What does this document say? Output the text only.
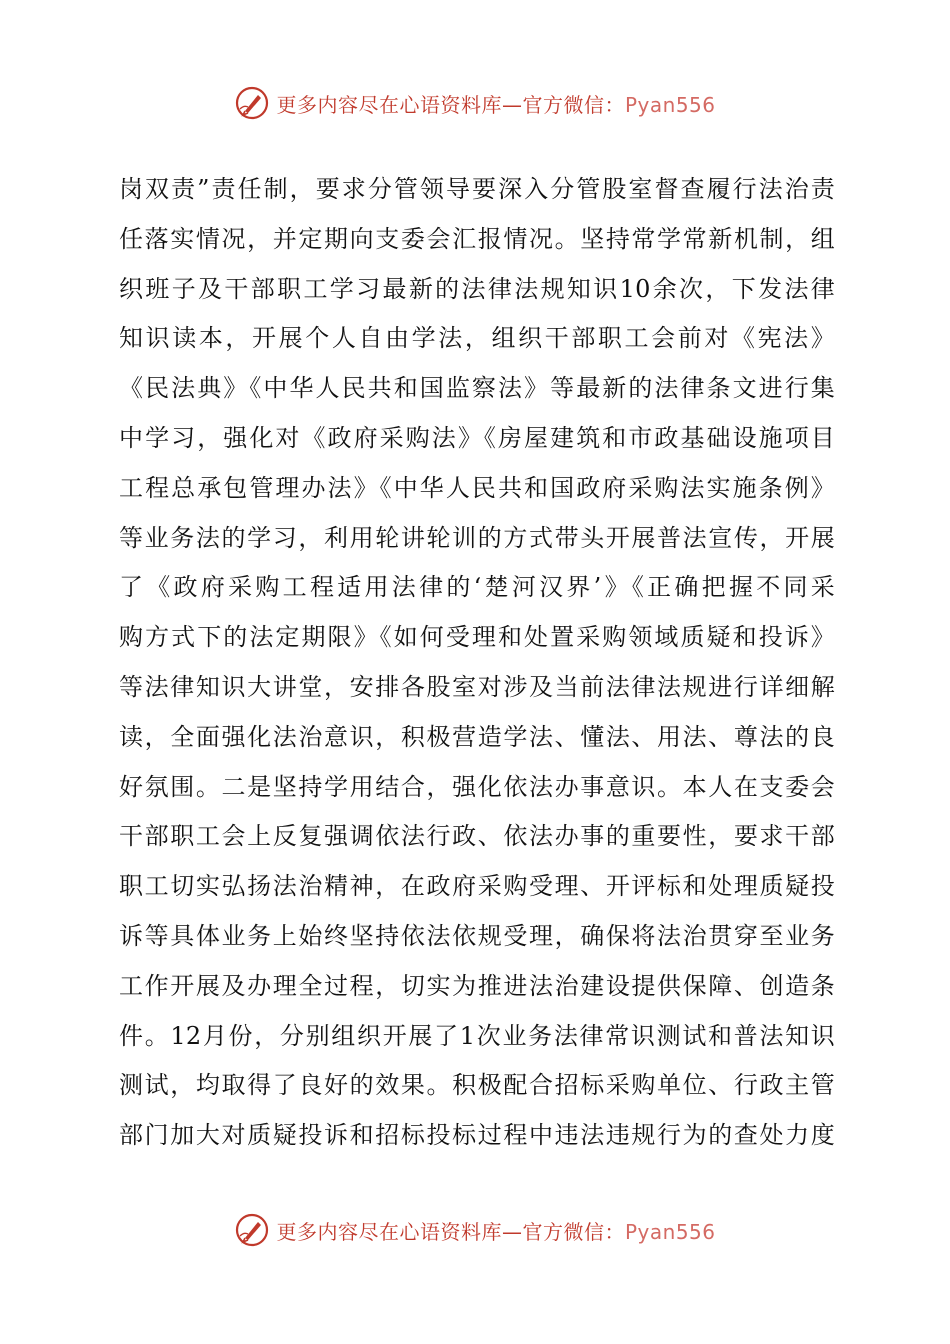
更多内容尽在心语资料库—官方微信：Pyan556
岗双责”责任制，要求分管领导要深入分管股室督查履行法治责
任落实情况，并定期向支委会汇报情况。坚持常学常新机制，组
织班子及干部职工学习最新的法律法规知识10余次，下发法律
知识读本，开展个人自由学法，组织干部职工会前对《宪法》
《民法典》《中华人民共和国监察法》等最新的法律条文进行集
中学习，强化对《政府采购法》《房屋建筑和市政基础设施项目
工程总承包管理办法》《中华人民共和国政府采购法实施条例》
等业务法的学习，利用轮讲轮训的方式带头开展普法宣传，开展
了《政府采购工程适用法律的‘楚河汉界’》《正确把握不同采
购方式下的法定期限》《如何受理和处置采购领域质疑和投诉》
等法律知识大讲堂，安排各股室对涉及当前法律法规进行详细解
读，全面强化法治意识，积极营造学法、懂法、用法、尊法的良
好氛围。二是坚持学用结合，强化依法办事意识。本人在支委会
干部职工会上反复强调依法行政、依法办事的重要性，要求干部
职工切实弘扬法治精神，在政府采购受理、开评标和处理质疑投
诉等具体业务上始终坚持依法依规受理，确保将法治贯穿至业务
工作开展及办理全过程，切实为推进法治建设提供保障、创造条
件。12月份，分别组织开展了1次业务法律常识测试和普法知识
测试，均取得了良好的效果。积极配合招标采购单位、行政主管
部门加大对质疑投诉和招标投标过程中违法违规行为的查处力度
更多内容尽在心语资料库—官方微信：Pyan556
